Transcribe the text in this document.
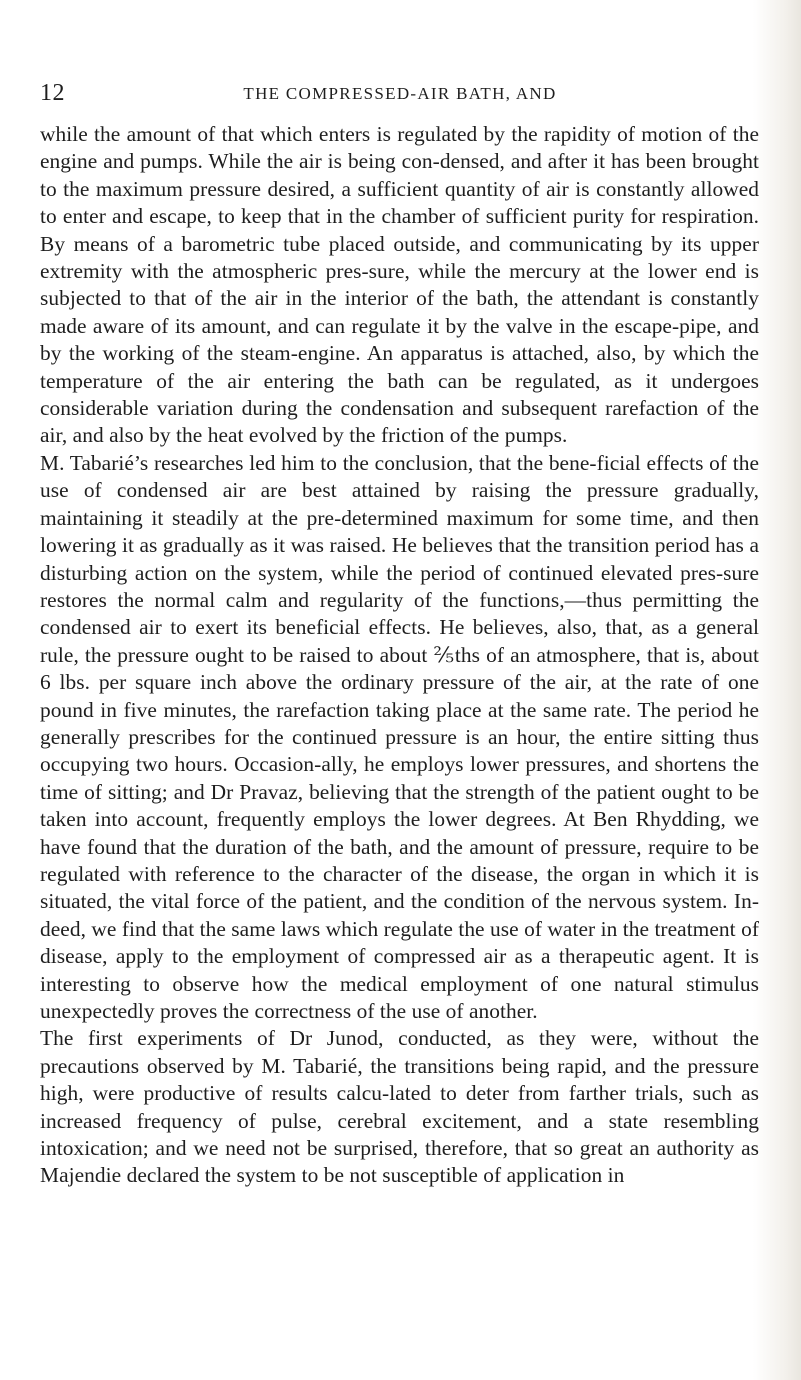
12	THE COMPRESSED-AIR BATH, AND

while the amount of that which enters is regulated by the rapidity of motion of the engine and pumps. While the air is being con-densed, and after it has been brought to the maximum pressure desired, a sufficient quantity of air is constantly allowed to enter and escape, to keep that in the chamber of sufficient purity for respiration. By means of a barometric tube placed outside, and communicating by its upper extremity with the atmospheric pres-sure, while the mercury at the lower end is subjected to that of the air in the interior of the bath, the attendant is constantly made aware of its amount, and can regulate it by the valve in the escape-pipe, and by the working of the steam-engine. An apparatus is attached, also, by which the temperature of the air entering the bath can be regulated, as it undergoes considerable variation during the condensation and subsequent rarefaction of the air, and also by the heat evolved by the friction of the pumps.

M. Tabarié’s researches led him to the conclusion, that the bene-ficial effects of the use of condensed air are best attained by raising the pressure gradually, maintaining it steadily at the pre-determined maximum for some time, and then lowering it as gradually as it was raised. He believes that the transition period has a disturbing action on the system, while the period of continued elevated pres-sure restores the normal calm and regularity of the functions,—thus permitting the condensed air to exert its beneficial effects. He believes, also, that, as a general rule, the pressure ought to be raised to about ⅖ths of an atmosphere, that is, about 6 lbs. per square inch above the ordinary pressure of the air, at the rate of one pound in five minutes, the rarefaction taking place at the same rate. The period he generally prescribes for the continued pressure is an hour, the entire sitting thus occupying two hours. Occasion-ally, he employs lower pressures, and shortens the time of sitting; and Dr Pravaz, believing that the strength of the patient ought to be taken into account, frequently employs the lower degrees. At Ben Rhydding, we have found that the duration of the bath, and the amount of pressure, require to be regulated with reference to the character of the disease, the organ in which it is situated, the vital force of the patient, and the condition of the nervous system. In-deed, we find that the same laws which regulate the use of water in the treatment of disease, apply to the employment of compressed air as a therapeutic agent. It is interesting to observe how the medical employment of one natural stimulus unexpectedly proves the correctness of the use of another.

The first experiments of Dr Junod, conducted, as they were, without the precautions observed by M. Tabarié, the transitions being rapid, and the pressure high, were productive of results calcu-lated to deter from farther trials, such as increased frequency of pulse, cerebral excitement, and a state resembling intoxication; and we need not be surprised, therefore, that so great an authority as Majendie declared the system to be not susceptible of application in
